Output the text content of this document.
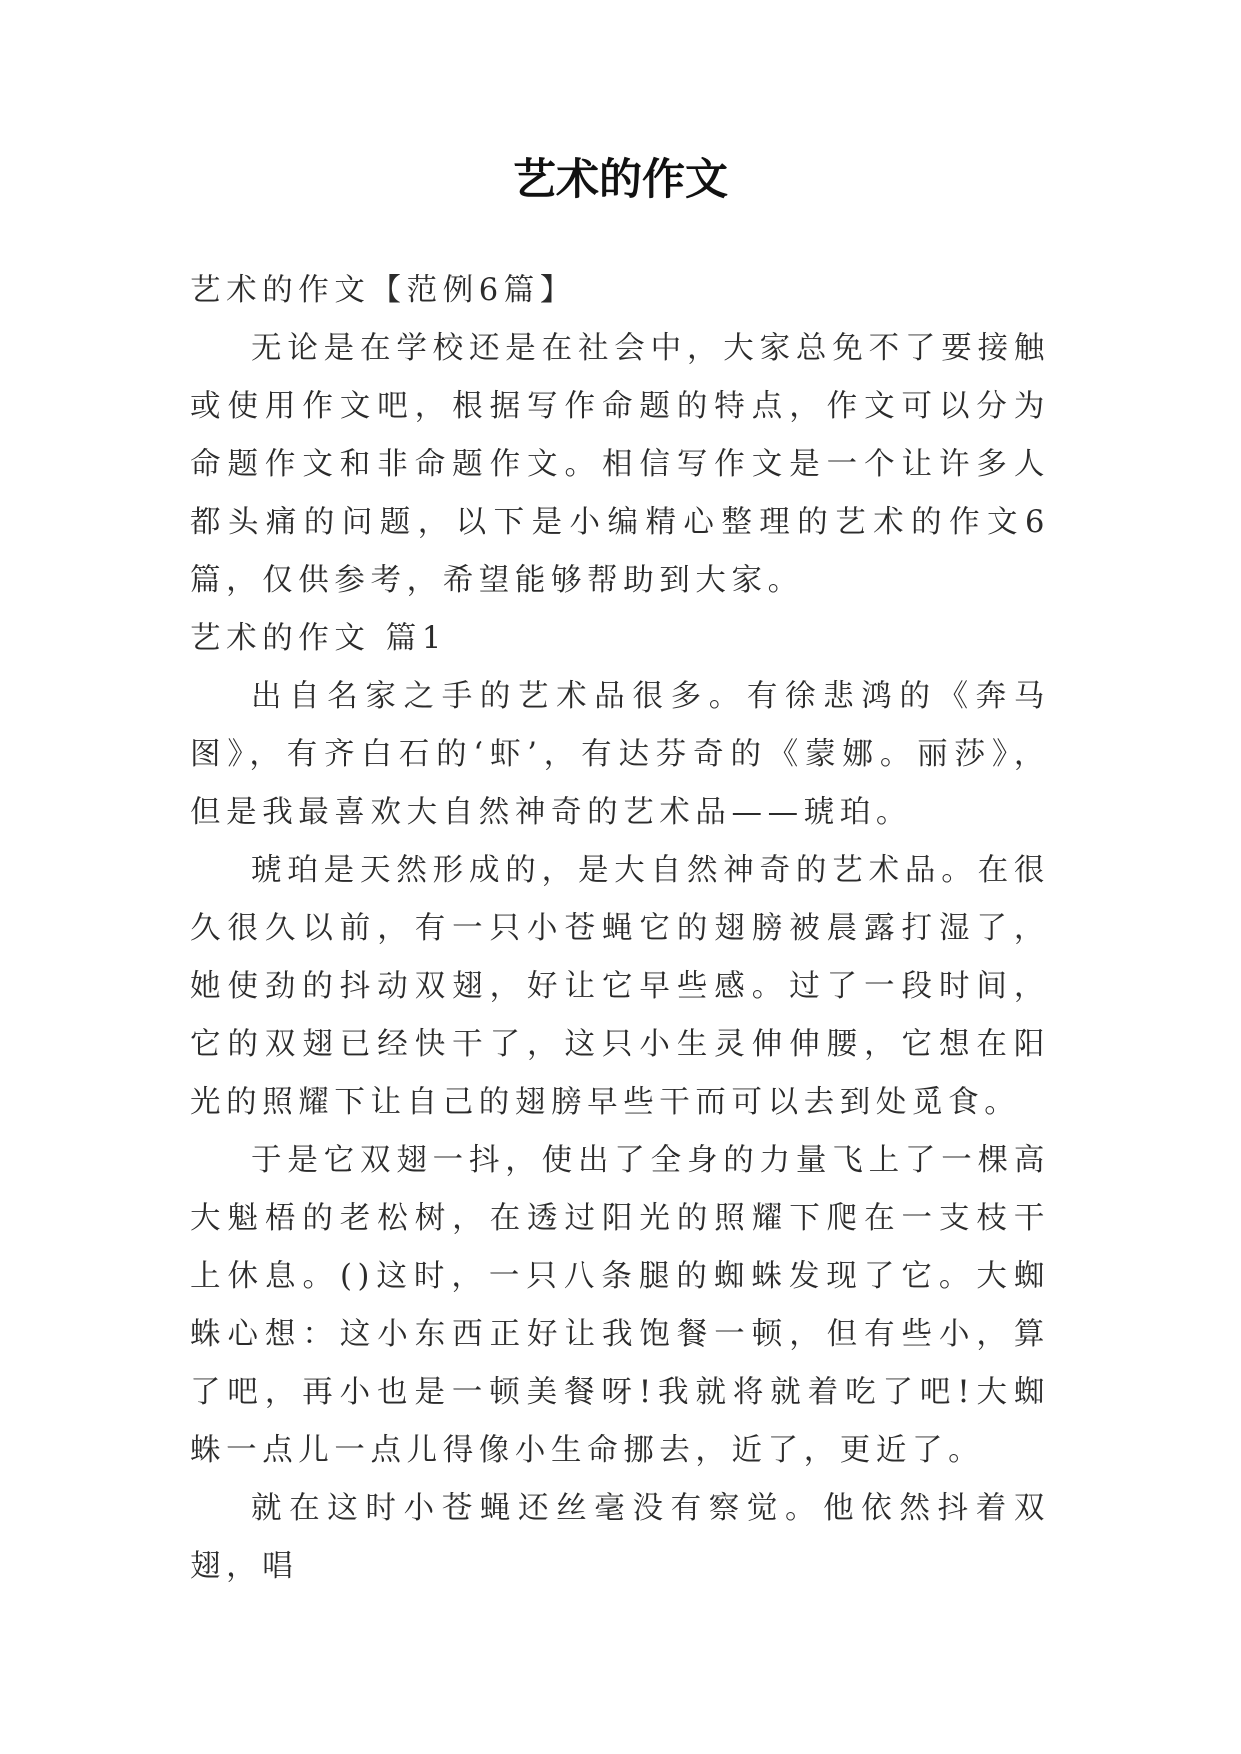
艺术的作文

艺术的作文【范例6篇】

无论是在学校还是在社会中，大家总免不了要接触或使用作文吧，根据写作命题的特点，作文可以分为命题作文和非命题作文。相信写作文是一个让许多人都头痛的问题，以下是小编精心整理的艺术的作文6篇，仅供参考，希望能够帮助到大家。

艺术的作文 篇1

出自名家之手的艺术品很多。有徐悲鸿的《奔马图》，有齐白石的‘虾’，有达芬奇的《蒙娜。丽莎》，但是我最喜欢大自然神奇的艺术品——琥珀。

琥珀是天然形成的，是大自然神奇的艺术品。在很久很久以前，有一只小苍蝇它的翅膀被晨露打湿了，她使劲的抖动双翅，好让它早些感。过了一段时间，它的双翅已经快干了，这只小生灵伸伸腰，它想在阳光的照耀下让自己的翅膀早些干而可以去到处觅食。

于是它双翅一抖，使出了全身的力量飞上了一棵高大魁梧的老松树，在透过阳光的照耀下爬在一支枝干上休息。()这时，一只八条腿的蜘蛛发现了它。大蜘蛛心想：这小东西正好让我饱餐一顿，但有些小，算了吧，再小也是一顿美餐呀!我就将就着吃了吧!大蜘蛛一点儿一点儿得像小生命挪去，近了，更近了。

就在这时小苍蝇还丝毫没有察觉。他依然抖着双翅，唱
